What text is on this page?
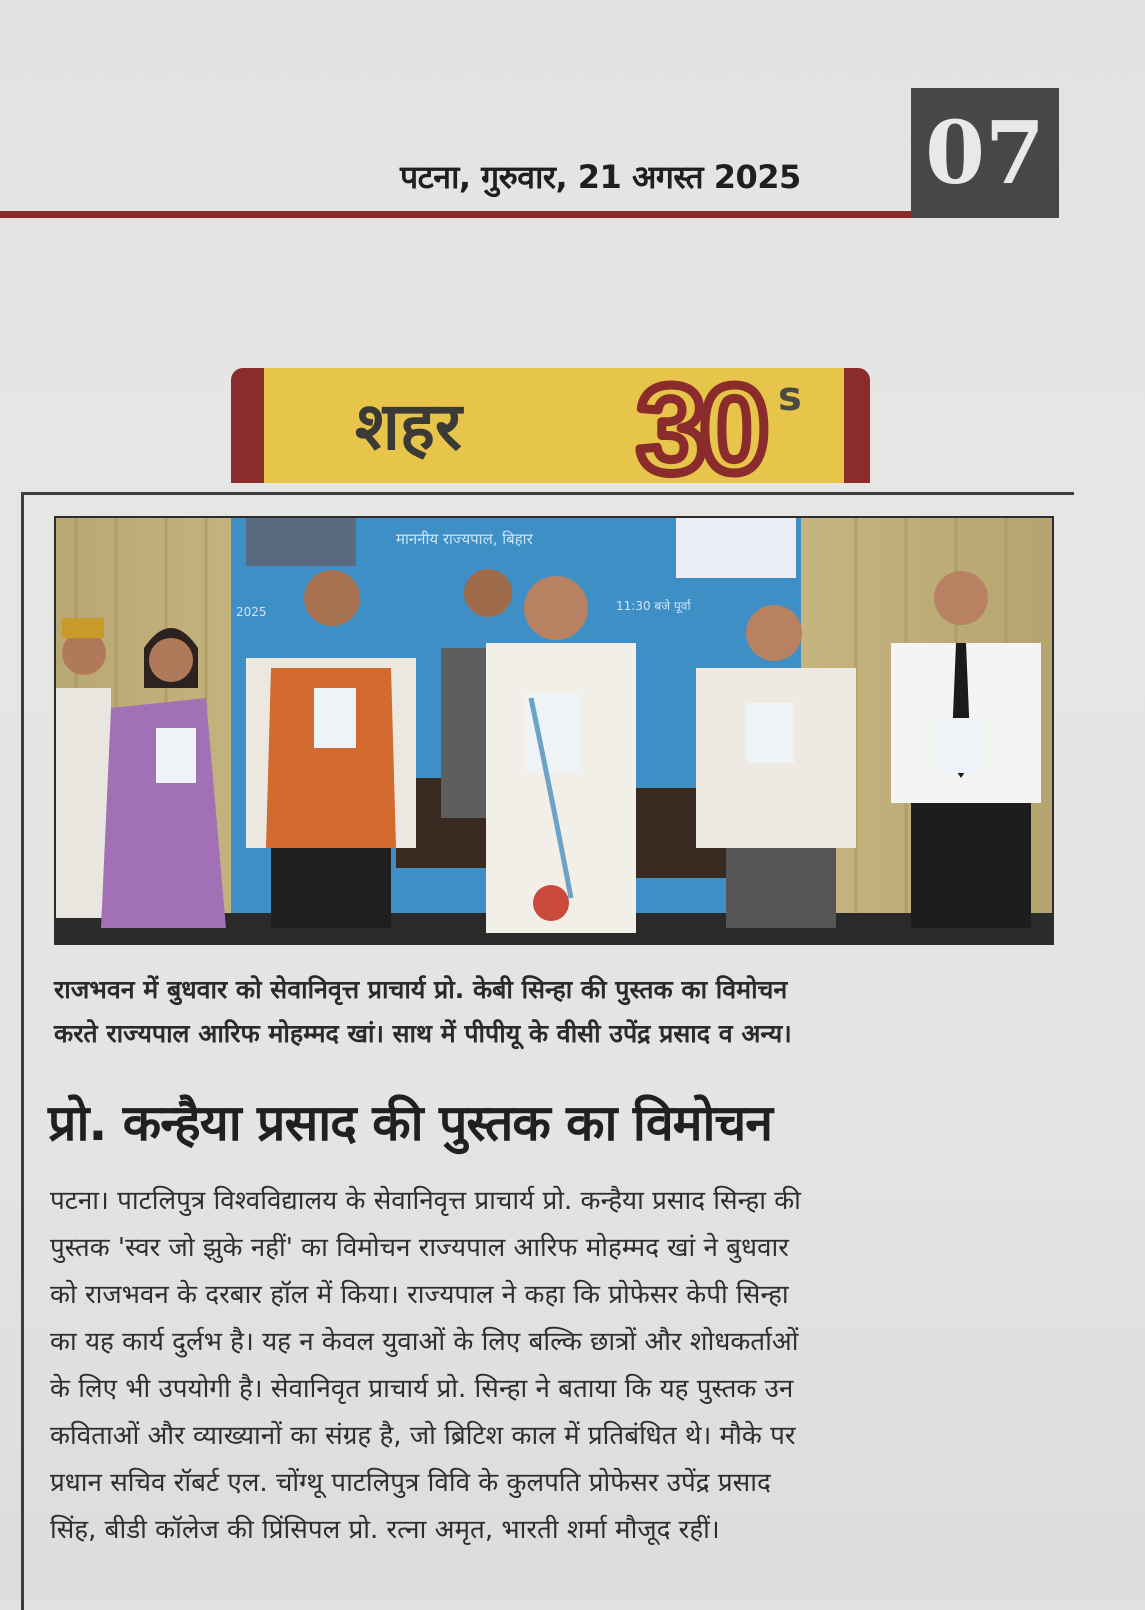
पटना, गुरुवार, 21 अगस्त 2025	07
शहर	30 s
माननीय राज्यपाल, बिहार
2025	11:30 बजे पूर्वा
राजभवन में बुधवार को सेवानिवृत्त प्राचार्य प्रो. केबी सिन्हा की पुस्तक का विमोचन
करते राज्यपाल आरिफ मोहम्मद खां। साथ में पीपीयू के वीसी उपेंद्र प्रसाद व अन्य।
प्रो. कन्हैया प्रसाद की पुस्तक का विमोचन
पटना। पाटलिपुत्र विश्वविद्यालय के सेवानिवृत्त प्राचार्य प्रो. कन्हैया प्रसाद सिन्हा की
पुस्तक 'स्वर जो झुके नहीं' का विमोचन राज्यपाल आरिफ मोहम्मद खां ने बुधवार
को राजभवन के दरबार हॉल में किया। राज्यपाल ने कहा कि प्रोफेसर केपी सिन्हा
का यह कार्य दुर्लभ है। यह न केवल युवाओं के लिए बल्कि छात्रों और शोधकर्ताओं
के लिए भी उपयोगी है। सेवानिवृत प्राचार्य प्रो. सिन्हा ने बताया कि यह पुस्तक उन
कविताओं और व्याख्यानों का संग्रह है, जो ब्रिटिश काल में प्रतिबंधित थे। मौके पर
प्रधान सचिव रॉबर्ट एल. चोंग्थू पाटलिपुत्र विवि के कुलपति प्रोफेसर उपेंद्र प्रसाद
सिंह, बीडी कॉलेज की प्रिंसिपल प्रो. रत्ना अमृत, भारती शर्मा मौजूद रहीं।
